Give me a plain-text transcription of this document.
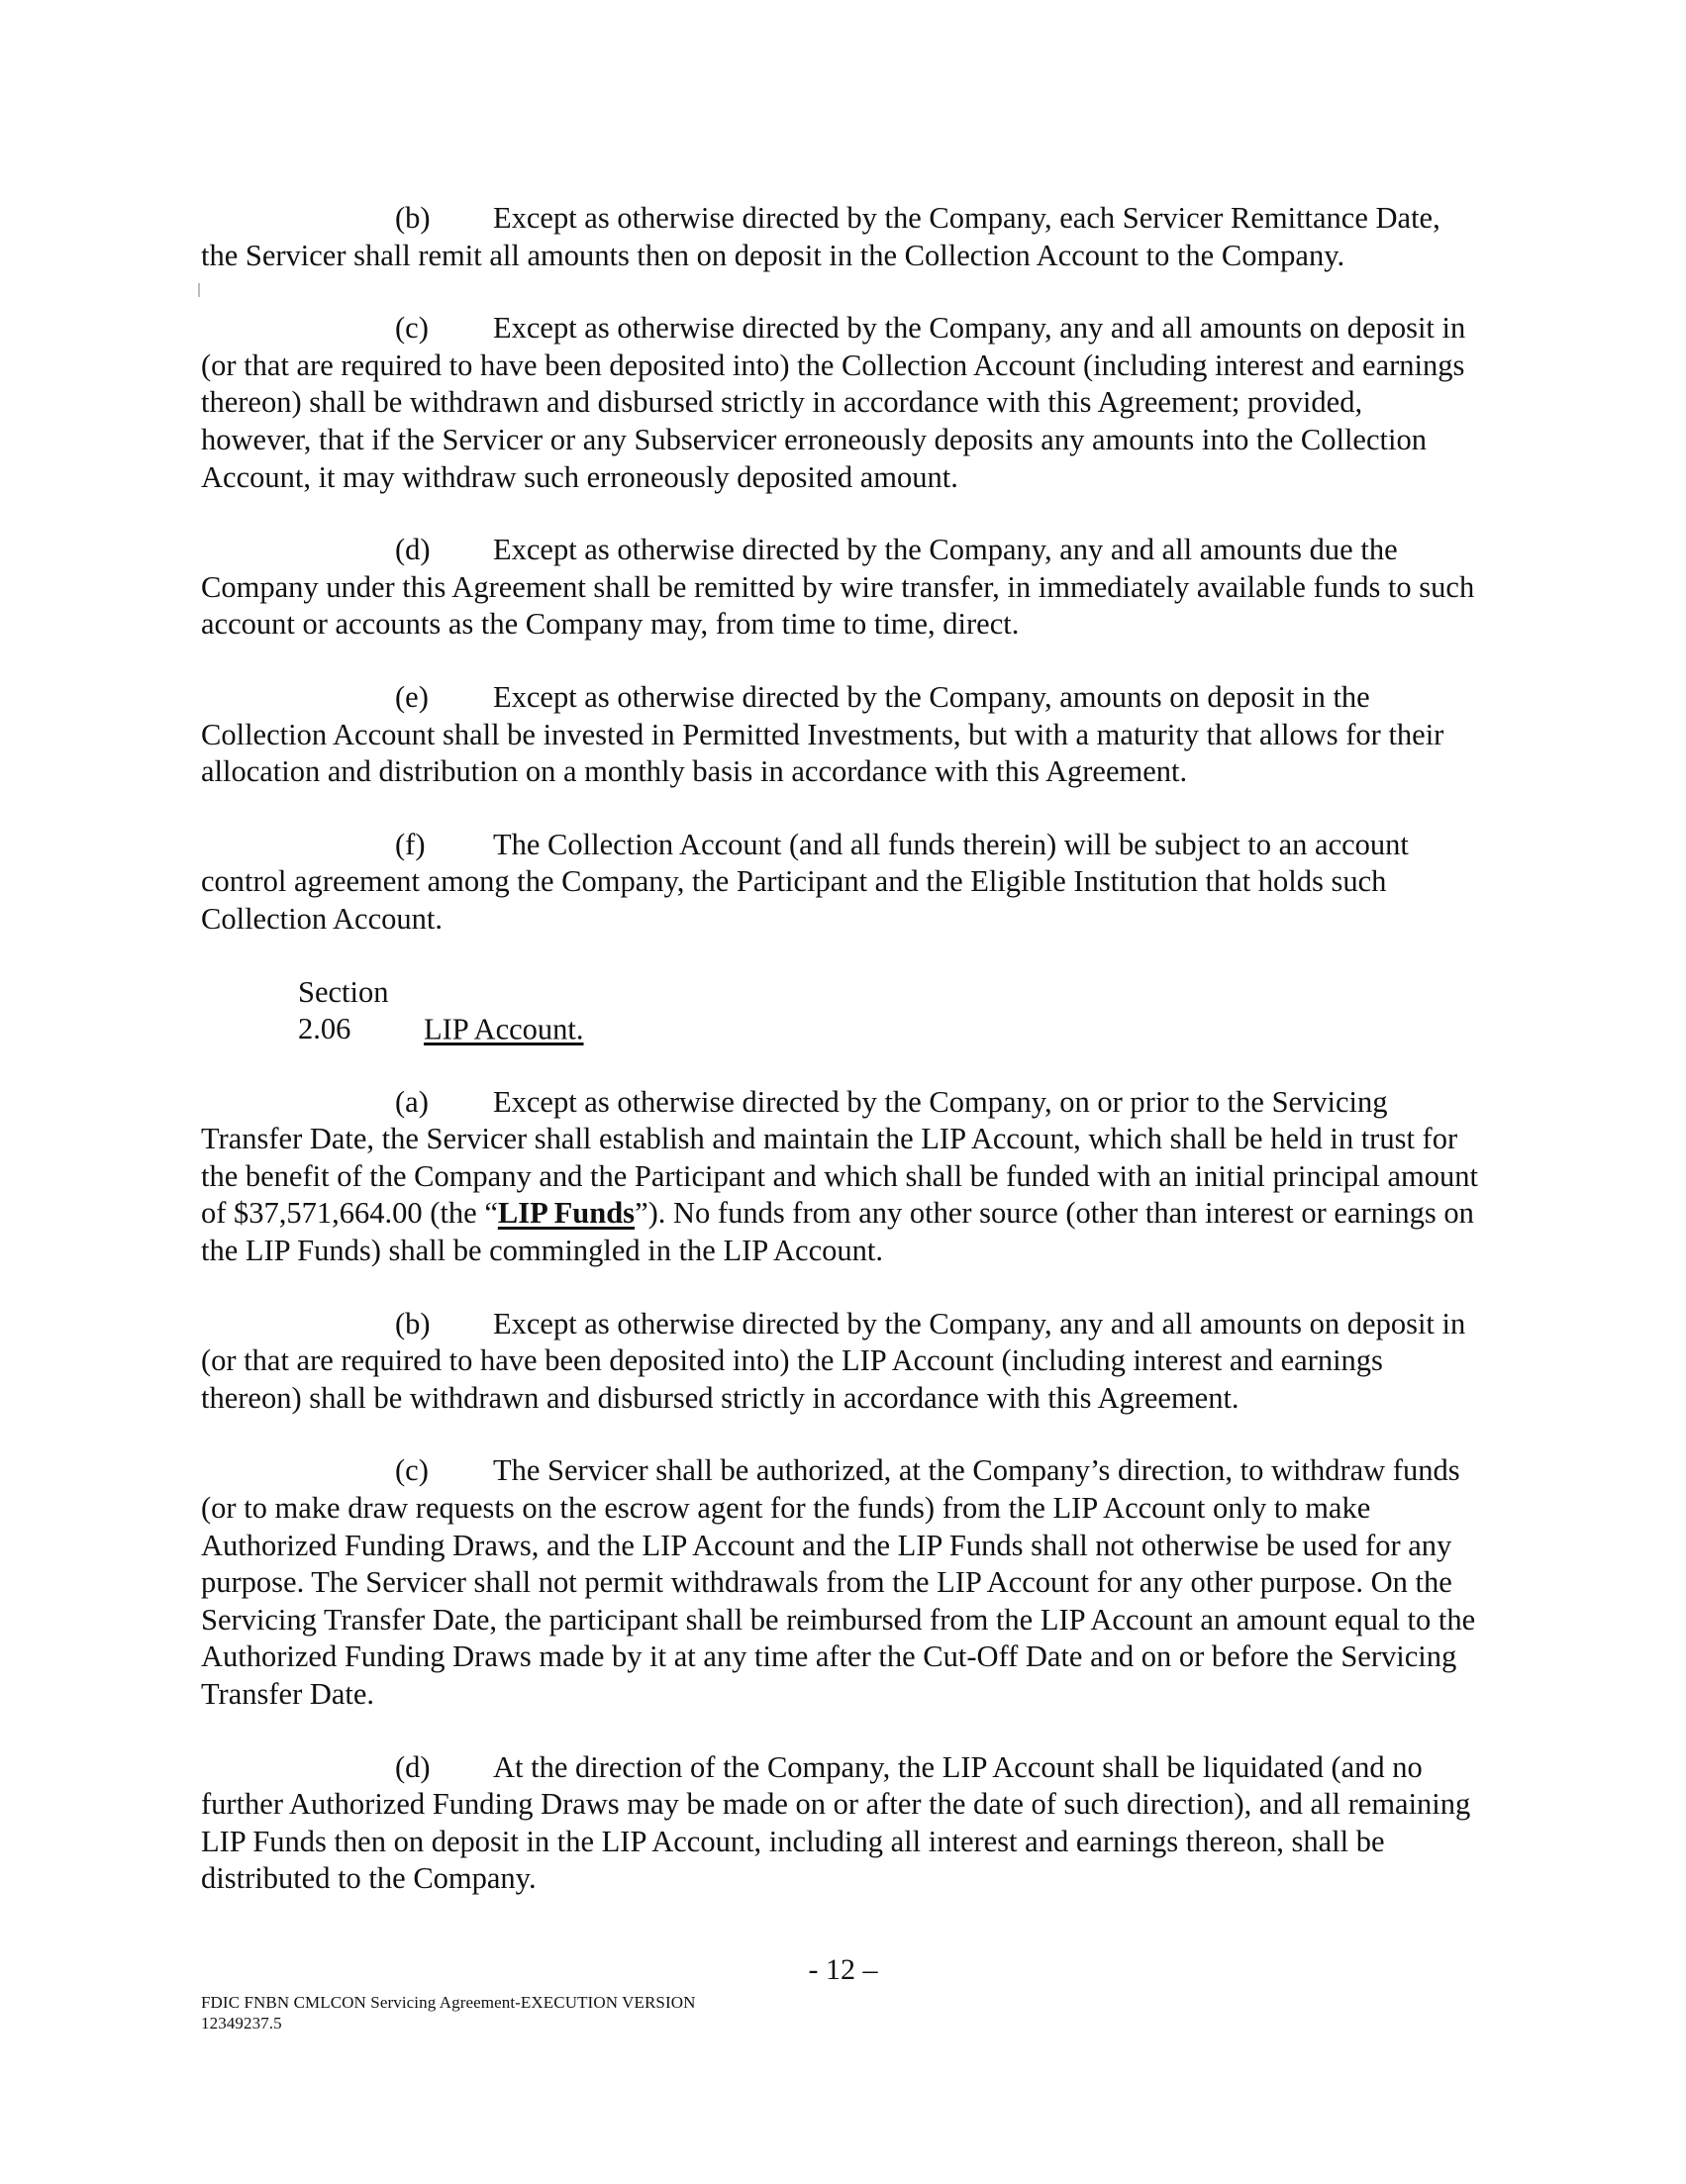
(b) Except as otherwise directed by the Company, each Servicer Remittance Date, the Servicer shall remit all amounts then on deposit in the Collection Account to the Company.

(c) Except as otherwise directed by the Company, any and all amounts on deposit in (or that are required to have been deposited into) the Collection Account (including interest and earnings thereon) shall be withdrawn and disbursed strictly in accordance with this Agreement; provided, however, that if the Servicer or any Subservicer erroneously deposits any amounts into the Collection Account, it may withdraw such erroneously deposited amount.

(d) Except as otherwise directed by the Company, any and all amounts due the Company under this Agreement shall be remitted by wire transfer, in immediately available funds to such account or accounts as the Company may, from time to time, direct.

(e) Except as otherwise directed by the Company, amounts on deposit in the Collection Account shall be invested in Permitted Investments, but with a maturity that allows for their allocation and distribution on a monthly basis in accordance with this Agreement.

(f) The Collection Account (and all funds therein) will be subject to an account control agreement among the Company, the Participant and the Eligible Institution that holds such Collection Account.

Section 2.06 LIP Account.

(a) Except as otherwise directed by the Company, on or prior to the Servicing Transfer Date, the Servicer shall establish and maintain the LIP Account, which shall be held in trust for the benefit of the Company and the Participant and which shall be funded with an initial principal amount of $37,571,664.00 (the “LIP Funds”). No funds from any other source (other than interest or earnings on the LIP Funds) shall be commingled in the LIP Account.

(b) Except as otherwise directed by the Company, any and all amounts on deposit in (or that are required to have been deposited into) the LIP Account (including interest and earnings thereon) shall be withdrawn and disbursed strictly in accordance with this Agreement.

(c) The Servicer shall be authorized, at the Company’s direction, to withdraw funds (or to make draw requests on the escrow agent for the funds) from the LIP Account only to make Authorized Funding Draws, and the LIP Account and the LIP Funds shall not otherwise be used for any purpose. The Servicer shall not permit withdrawals from the LIP Account for any other purpose. On the Servicing Transfer Date, the participant shall be reimbursed from the LIP Account an amount equal to the Authorized Funding Draws made by it at any time after the Cut-Off Date and on or before the Servicing Transfer Date.

(d) At the direction of the Company, the LIP Account shall be liquidated (and no further Authorized Funding Draws may be made on or after the date of such direction), and all remaining LIP Funds then on deposit in the LIP Account, including all interest and earnings thereon, shall be distributed to the Company.

- 12 –
FDIC FNBN CMLCON Servicing Agreement-EXECUTION VERSION
12349237.5
